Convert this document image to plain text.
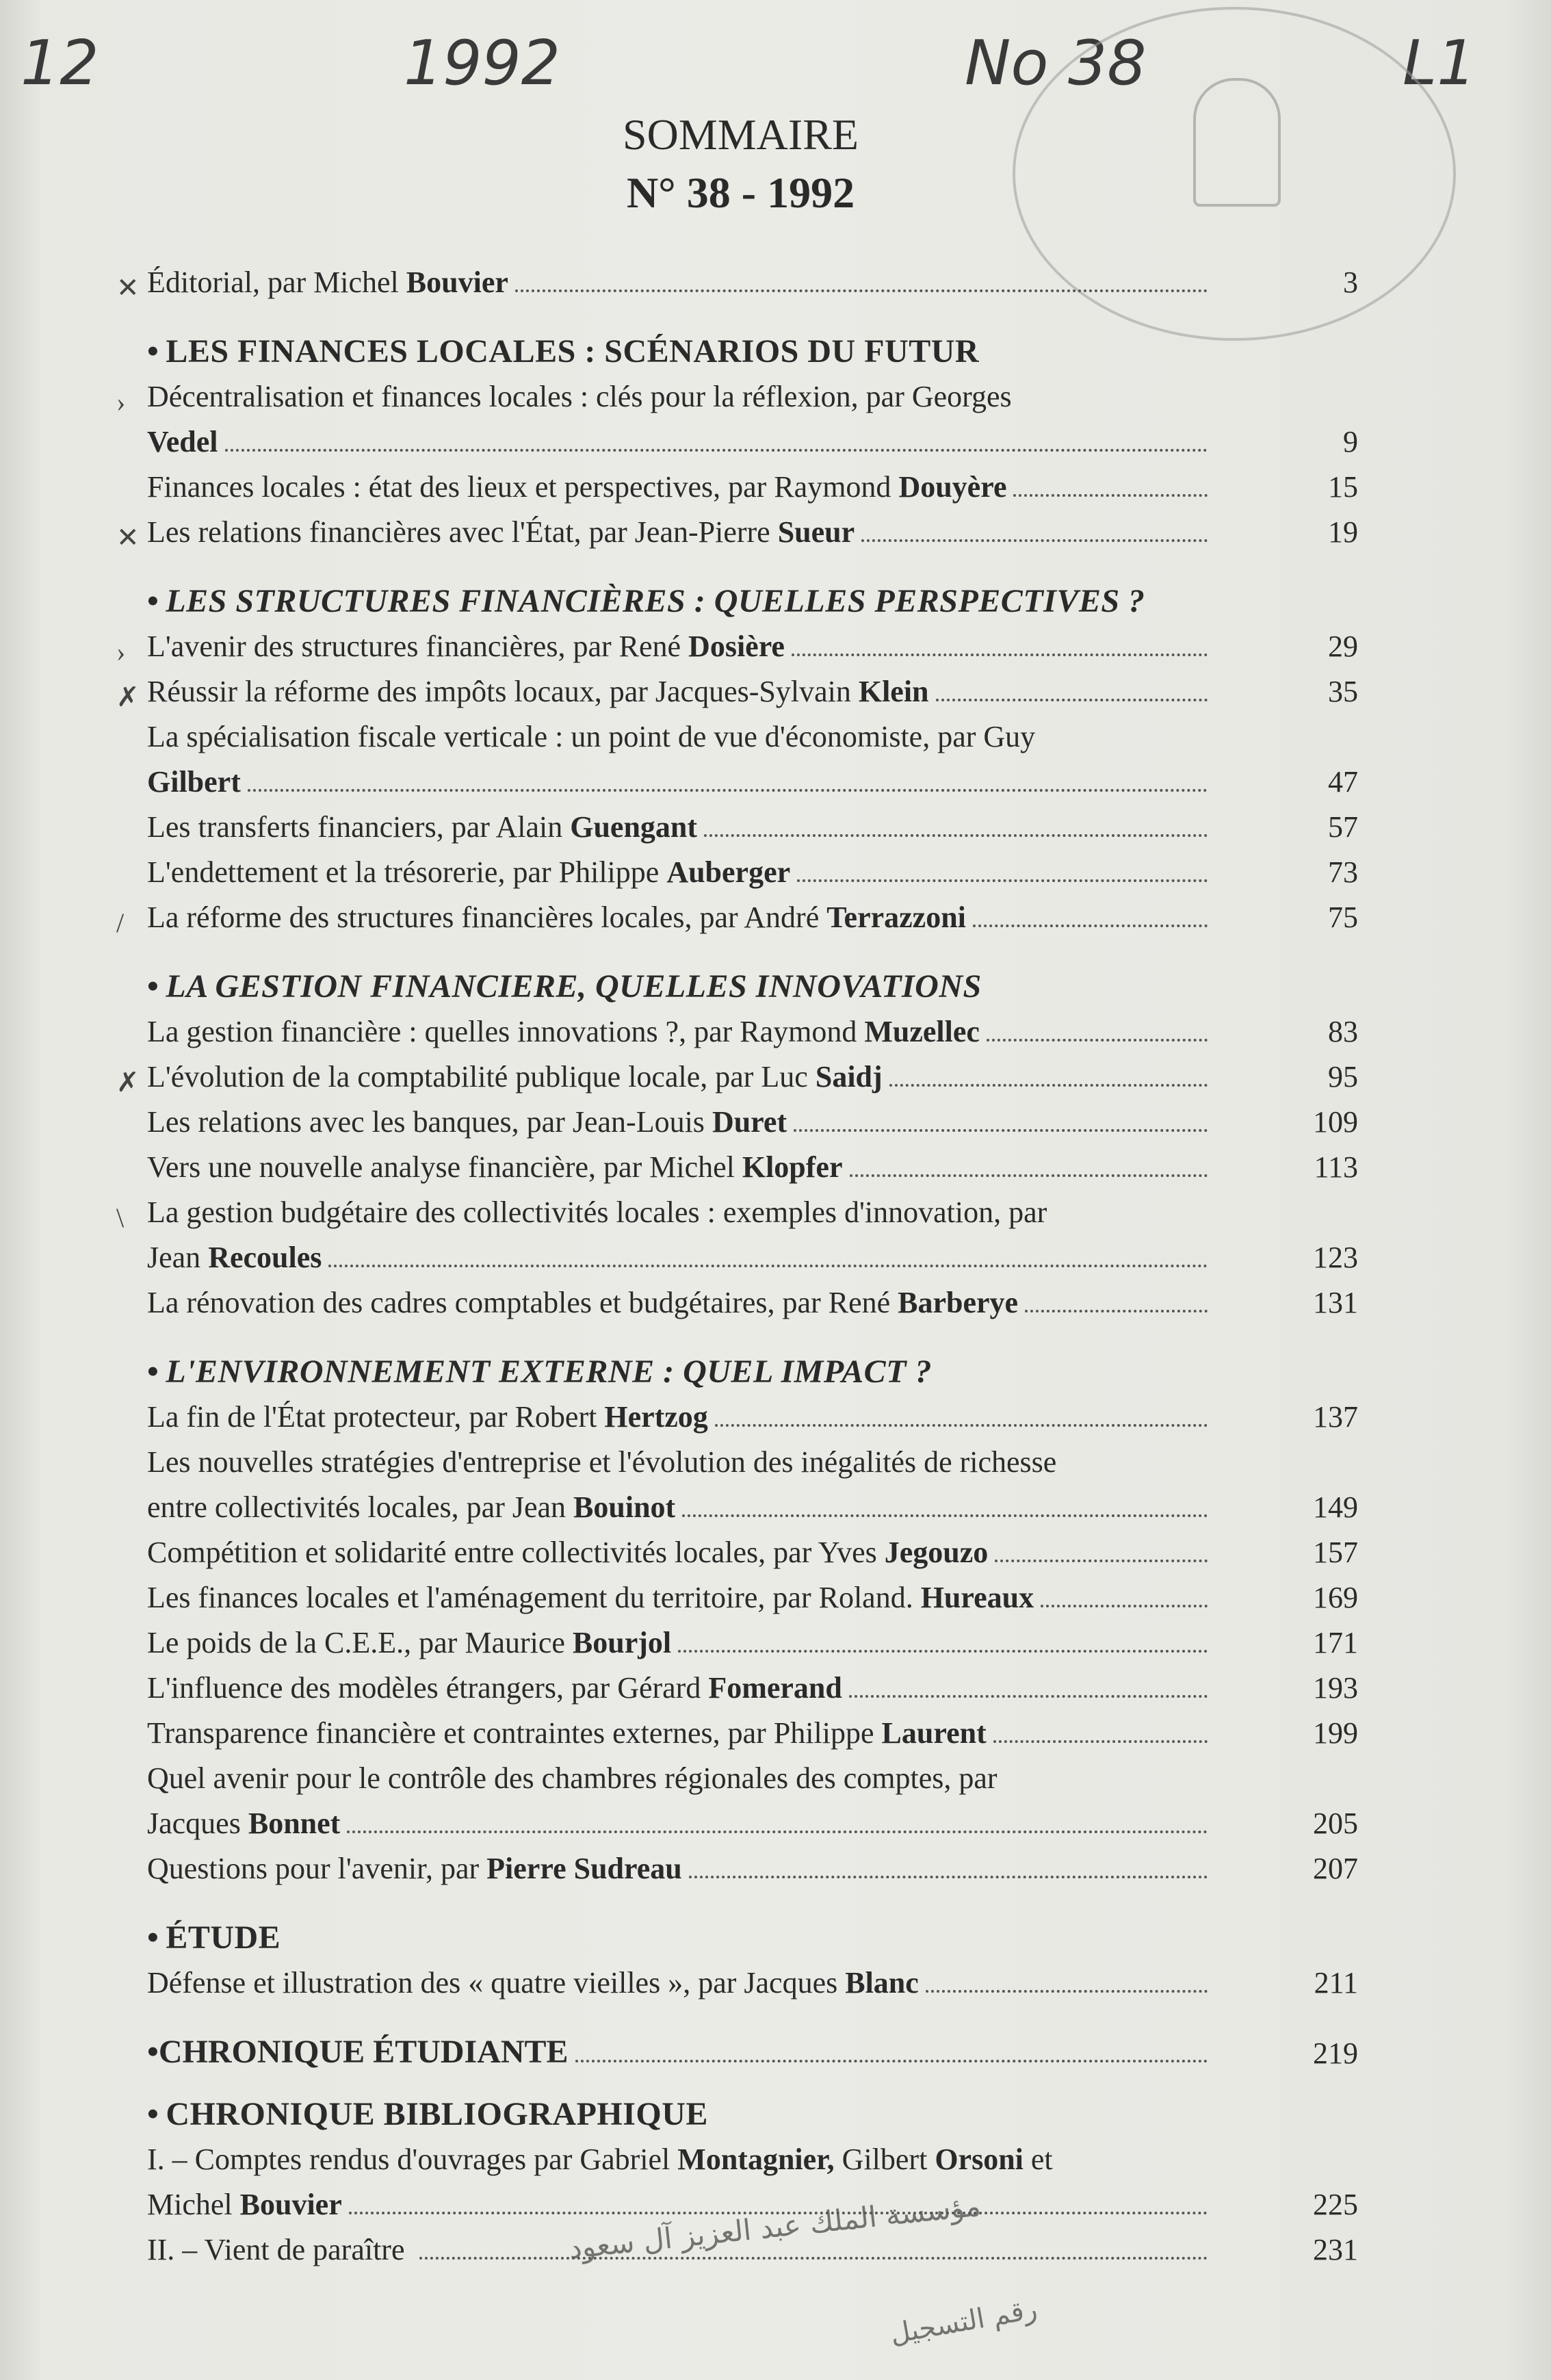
12	1992	No 38	L1
SOMMAIRE
N° 38 - 1992
✕ Éditorial, par Michel Bouvier	3
• LES FINANCES LOCALES : SCÉNARIOS DU FUTUR
› Décentralisation et finances locales : clés pour la réflexion, par Georges
Vedel	9
Finances locales : état des lieux et perspectives, par Raymond Douyère	15
✕ Les relations financières avec l'État, par Jean-Pierre Sueur	19
• LES STRUCTURES FINANCIÈRES : QUELLES PERSPECTIVES ?
› L'avenir des structures financières, par René Dosière	29
✗ Réussir la réforme des impôts locaux, par Jacques-Sylvain Klein	35
La spécialisation fiscale verticale : un point de vue d'économiste, par Guy
Gilbert	47
Les transferts financiers, par Alain Guengant	57
L'endettement et la trésorerie, par Philippe Auberger	73
/ La réforme des structures financières locales, par André Terrazzoni	75
• LA GESTION FINANCIERE, QUELLES INNOVATIONS
La gestion financière : quelles innovations ?, par Raymond Muzellec	83
✗ L'évolution de la comptabilité publique locale, par Luc Saidj	95
Les relations avec les banques, par Jean-Louis Duret	109
Vers une nouvelle analyse financière, par Michel Klopfer	113
\ La gestion budgétaire des collectivités locales : exemples d'innovation, par
Jean Recoules	123
La rénovation des cadres comptables et budgétaires, par René Barberye	131
• L'ENVIRONNEMENT EXTERNE : QUEL IMPACT ?
La fin de l'État protecteur, par Robert Hertzog	137
Les nouvelles stratégies d'entreprise et l'évolution des inégalités de richesse
entre collectivités locales, par Jean Bouinot	149
Compétition et solidarité entre collectivités locales, par Yves Jegouzo	157
Les finances locales et l'aménagement du territoire, par Roland. Hureaux	169
Le poids de la C.E.E., par Maurice Bourjol	171
L'influence des modèles étrangers, par Gérard Fomerand	193
Transparence financière et contraintes externes, par Philippe Laurent	199
Quel avenir pour le contrôle des chambres régionales des comptes, par
Jacques Bonnet	205
Questions pour l'avenir, par Pierre Sudreau	207
• ÉTUDE
Défense et illustration des « quatre vieilles », par Jacques Blanc	211
• CHRONIQUE ÉTUDIANTE	219
• CHRONIQUE BIBLIOGRAPHIQUE
I. – Comptes rendus d'ouvrages par Gabriel Montagnier, Gilbert Orsoni et
Michel Bouvier	225
II. – Vient de paraître	231
مؤسسة الملك عبد العزيز آل سعود
رقم التسجيل
